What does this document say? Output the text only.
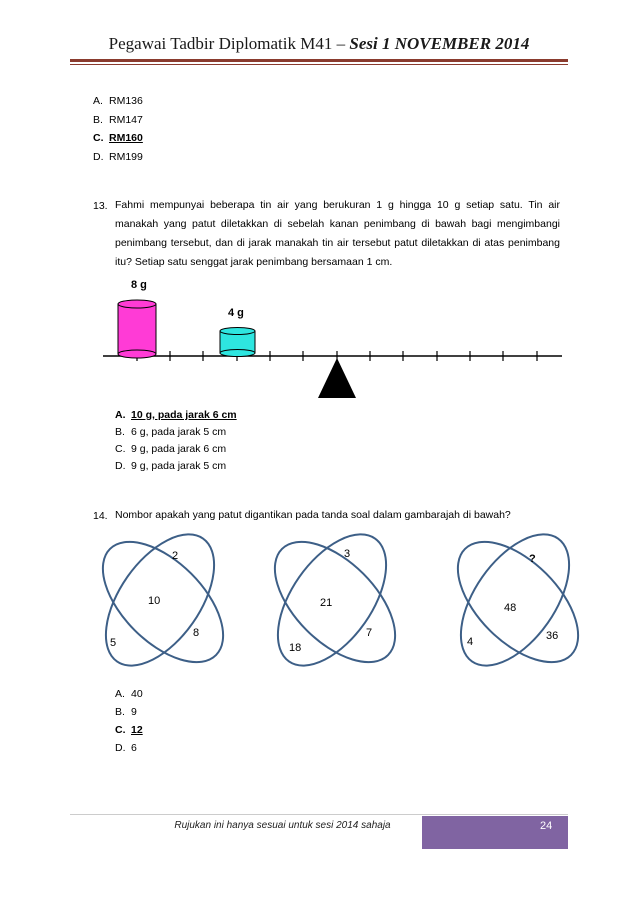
Pegawai Tadbir Diplomatik M41 – Sesi 1 NOVEMBER 2014
A. RM136
B. RM147
C. RM160
D. RM199
13. Fahmi mempunyai beberapa tin air yang berukuran 1 g hingga 10 g setiap satu. Tin air manakah yang patut diletakkan di sebelah kanan penimbang di bawah bagi mengimbangi penimbang tersebut, dan di jarak manakah tin air tersebut patut diletakkan di atas penimbang itu? Setiap satu senggat jarak penimbang bersamaan 1 cm.
8 g
4 g
A. 10 g, pada jarak 6 cm
B. 6 g, pada jarak 5 cm
C. 9 g, pada jarak 6 cm
D. 9 g, pada jarak 5 cm
14. Nombor apakah yang patut digantikan pada tanda soal dalam gambarajah di bawah?
2
10
5
8
3
21
18
7
?
48
4	36
A. 40
B. 9
C. 12
D. 6
Rujukan ini hanya sesuai untuk sesi 2014 sahaja	24
